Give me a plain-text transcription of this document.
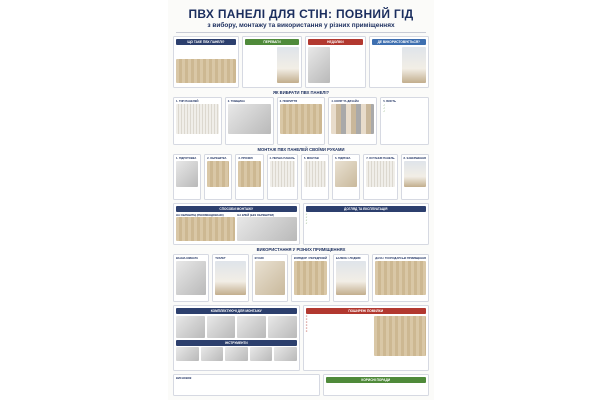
ПВХ ПАНЕЛІ ДЛЯ СТІН: ПОВНИЙ ГІД
з вибору, монтажу та використання у різних приміщеннях
ЩО ТАКЕ ПВХ ПАНЕЛІ?	ПЕРЕВАГИ	НЕДОЛІКИ	ДЕ ВИКОРИСТОВУЄТЬСЯ?
ЯК ВИБРАТИ ПВХ ПАНЕЛІ?
1. ТИП ПАНЕЛЕЙ	2. ТОВЩИНА	3. ПОКРИТТЯ	4. КОЛІР ТА ДИЗАЙН	5. ЯКІСТЬ
✓
✓
✓
МОНТАЖ ПВХ ПАНЕЛЕЙ СВОЇМИ РУКАМИ
1. ПІДГОТОВКА	2. ОБРЕШІТКА	3. ПРОФІЛІ	4. ПЕРША ПАНЕЛЬ	5. МОНТАЖ	6. ПІДРІЗКА	7. ОСТАННЯ ПАНЕЛЬ	8. ЗАВЕРШЕННЯ
СПОСОБИ МОНТАЖУ
НА ОБРЕШІТЦІ (РЕКОМЕНДОВАНО)	НА КЛЕЙ (БЕЗ ОБРЕШІТКИ)
ДОГЛЯД ТА ЕКСПЛУАТАЦІЯ
✓
✓
✓
✓
ВИКОРИСТАННЯ У РІЗНИХ ПРИМІЩЕННЯХ
ВАННА КІМНАТА	ТУАЛЕТ	КУХНЯ	КОРИДОР / ПЕРЕДПОКІЙ	БАЛКОН / ЛОДЖІЯ	ДАЧА / ГОСПОДАРСЬКІ ПРИМІЩЕННЯ
КОМПЛЕКТУЮЧІ ДЛЯ МОНТАЖУ
ІНСТРУМЕНТИ
ПОШИРЕНІ ПОМИЛКИ
✕
✕
✕
✕
✕
✕
ВИСНОВОК	КОРИСНІ ПОРАДИ
